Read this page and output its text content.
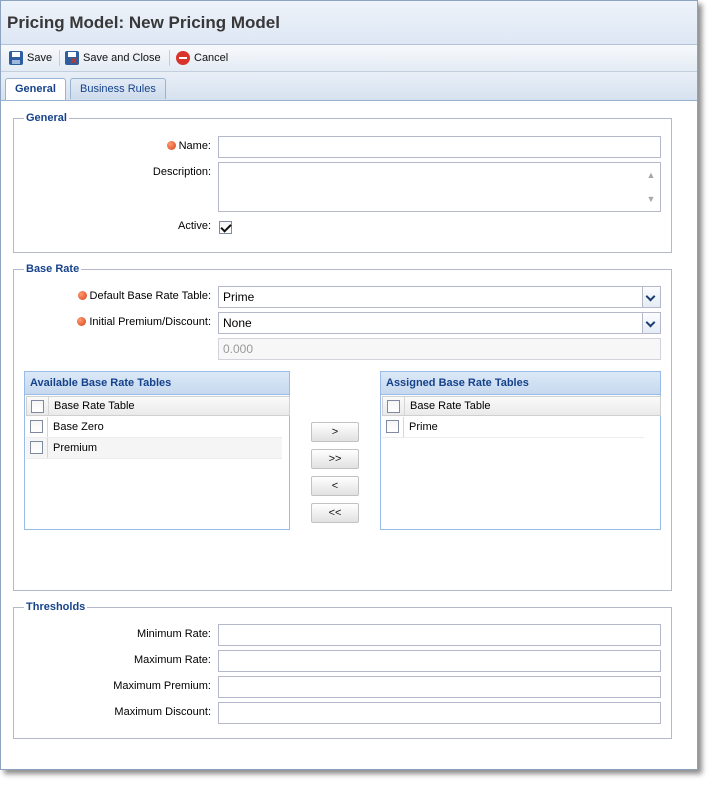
Pricing Model: New Pricing Model
Save
×	Save and Close	Cancel
General	Business Rules
General
Name:
Description:	▲
▼
Active:
Base Rate
Default Base Rate Table:	Prime
Initial Premium/Discount:	None
0.000
Available Base Rate Tables
Base Rate Table
Base Zero
Premium
>
>>
<
<<
Assigned Base Rate Tables
Base Rate Table
Prime
Thresholds
Minimum Rate:
Maximum Rate:
Maximum Premium:
Maximum Discount:
